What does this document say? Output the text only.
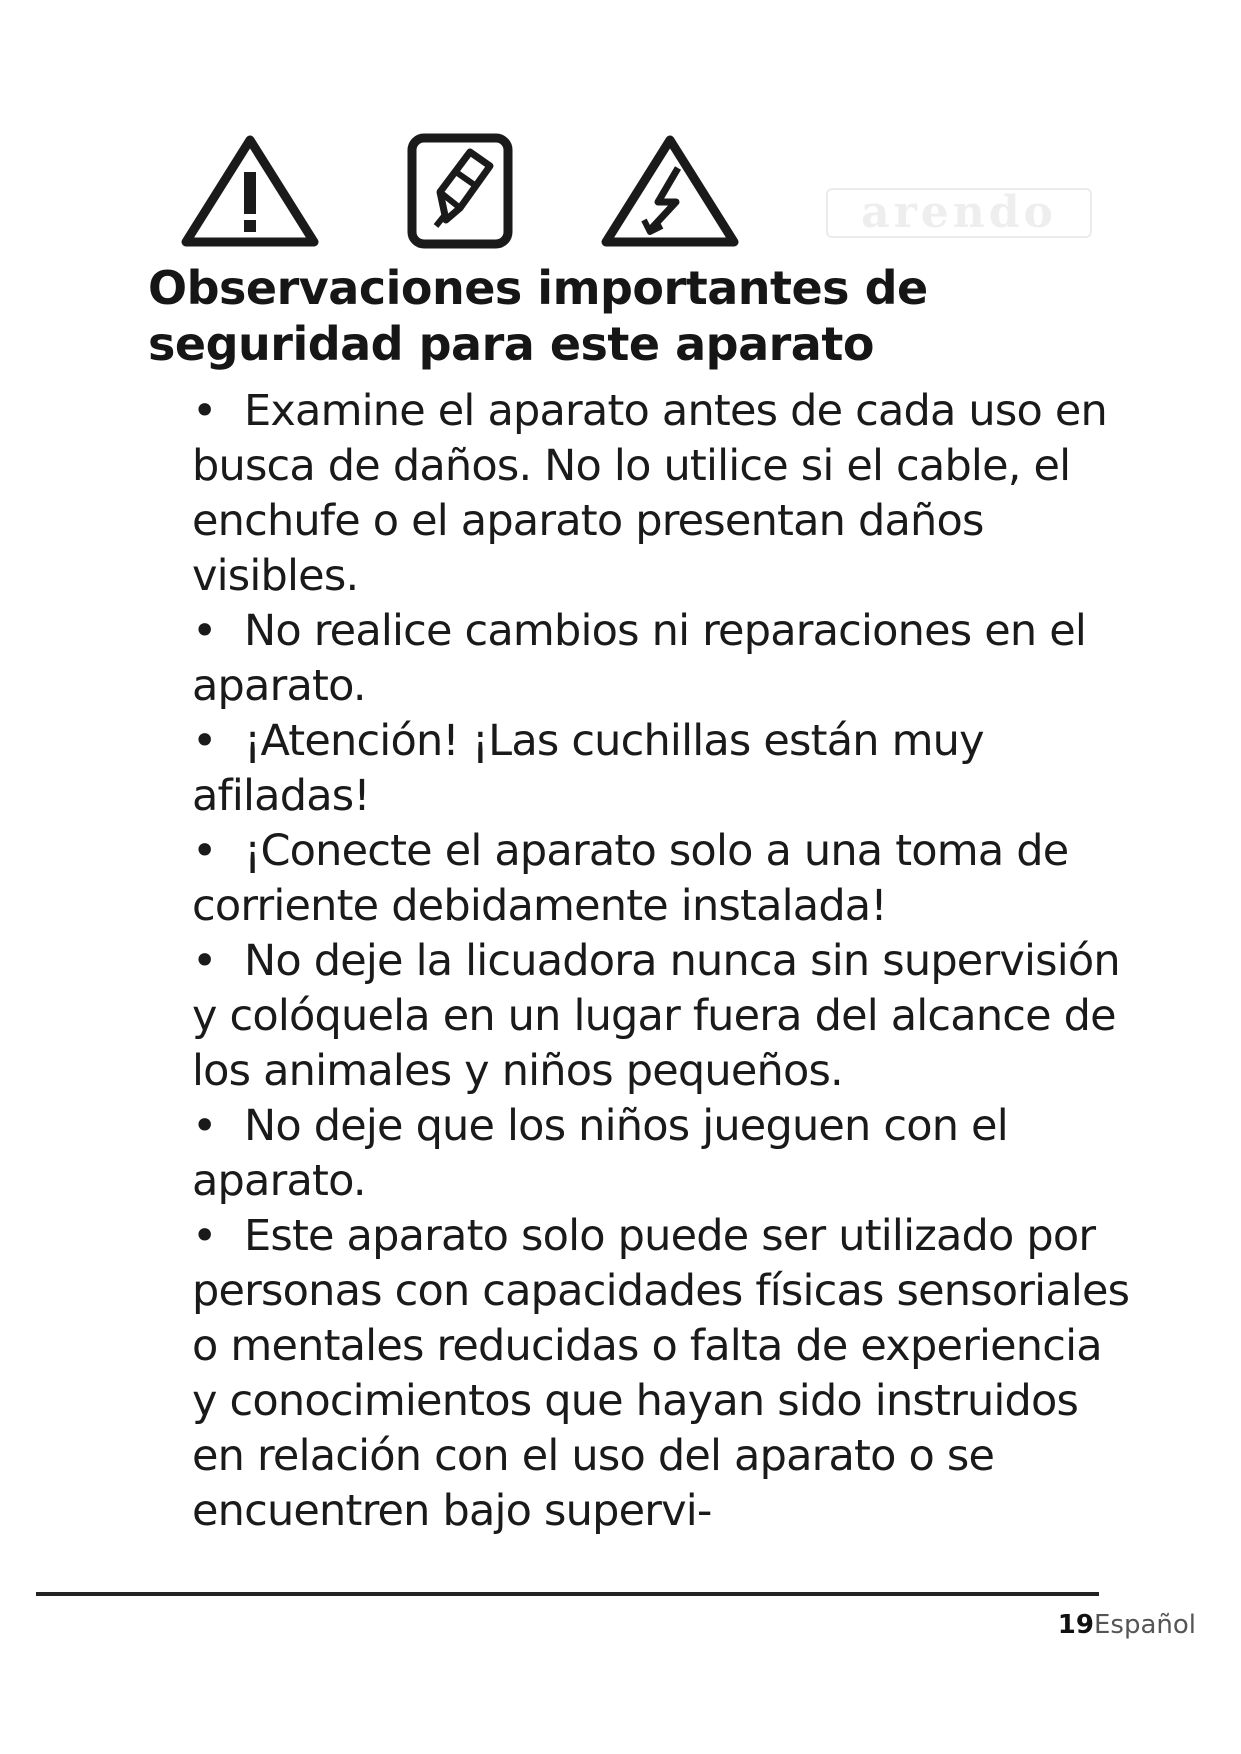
arendo
Observaciones importantes de seguridad para este aparato

• Examine el aparato antes de cada uso en busca de daños. No lo utilice si el cable, el enchufe o el aparato presentan daños visibles.

• No realice cambios ni reparaciones en el aparato.

• ¡Atención! ¡Las cuchillas están muy afiladas!

• ¡Conecte el aparato solo a una toma de corriente debidamente instalada!

• No deje la licuadora nunca sin supervisión y colóquela en un lugar fuera del alcance de los animales y niños pequeños.

• No deje que los niños jueguen con el aparato.

• Este aparato solo puede ser utilizado por personas con capacidades físicas sensoriales o mentales reducidas o falta de experiencia y conocimientos que hayan sido instruidos en relación con el uso del aparato o se encuentren bajo supervi-

19Español
